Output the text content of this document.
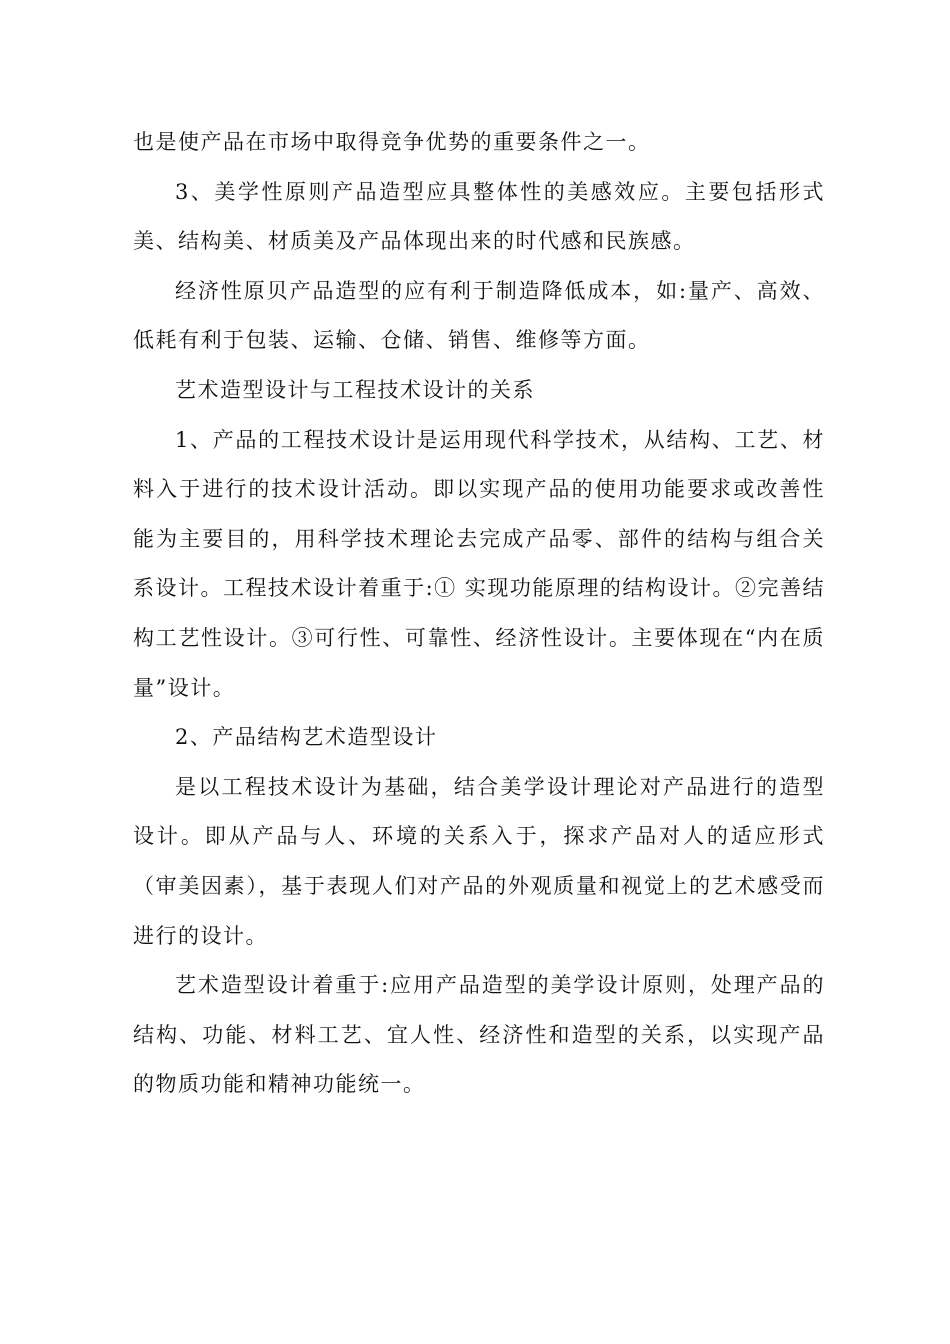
也是使产品在市场中取得竞争优势的重要条件之一。

3、美学性原则产品造型应具整体性的美感效应。主要包括形式美、结构美、材质美及产品体现出来的时代感和民族感。

经济性原贝产品造型的应有利于制造降低成本，如:量产、高效、低耗有利于包装、运输、仓储、销售、维修等方面。

艺术造型设计与工程技术设计的关系

1、产品的工程技术设计是运用现代科学技术，从结构、工艺、材料入于进行的技术设计活动。即以实现产品的使用功能要求或改善性能为主要目的，用科学技术理论去完成产品零、部件的结构与组合关系设计。工程技术设计着重于:① 实现功能原理的结构设计。②完善结构工艺性设计。③可行性、可靠性、经济性设计。主要体现在“内在质量”设计。

2、产品结构艺术造型设计

是以工程技术设计为基础，结合美学设计理论对产品进行的造型设计。即从产品与人、环境的关系入于，探求产品对人的适应形式（审美因素），基于表现人们对产品的外观质量和视觉上的艺术感受而进行的设计。

艺术造型设计着重于:应用产品造型的美学设计原则，处理产品的结构、功能、材料工艺、宜人性、经济性和造型的关系，以实现产品的物质功能和精神功能统一。
